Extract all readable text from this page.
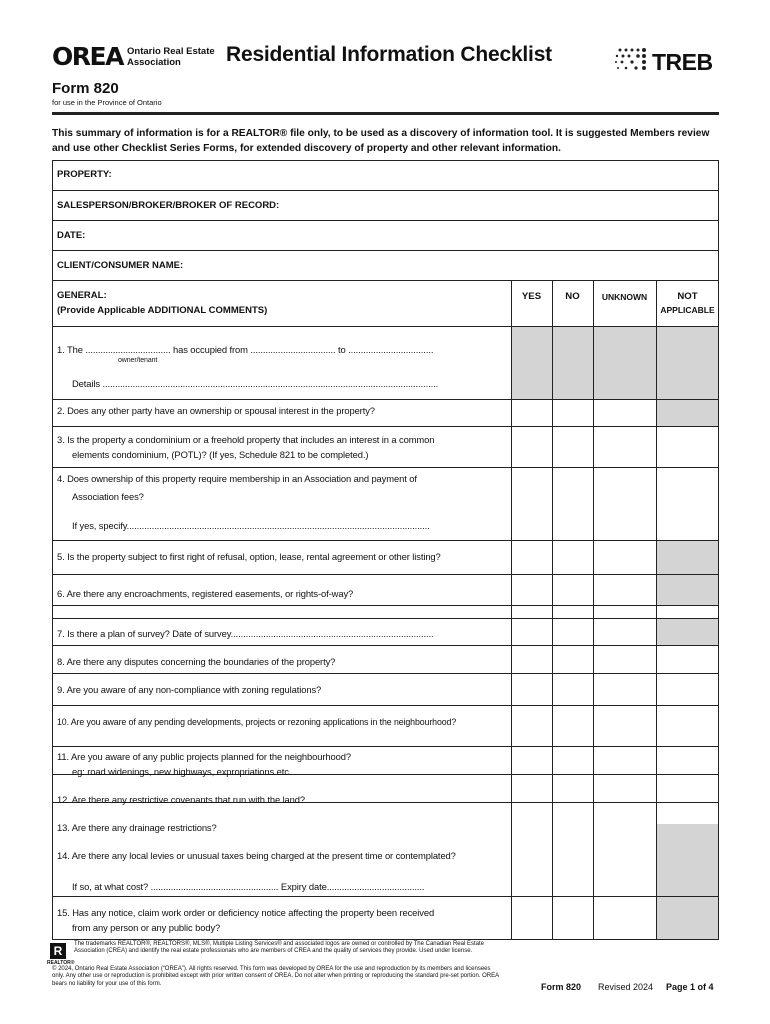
OREA Ontario Real Estate Association	Residential Information Checklist	TREB
Form 820
for use in the Province of Ontario
This summary of information is for a REALTOR® file only, to be used as a discovery of information tool. It is suggested Members review and use other Checklist Series Forms, for extended discovery of property and other relevant information.
PROPERTY:
SALESPERSON/BROKER/BROKER OF RECORD:
DATE:
CLIENT/CONSUMER NAME:
GENERAL:
(Provide Applicable ADDITIONAL COMMENTS)
YES	NO	UNKNOWN	NOT
APPLICABLE
1. The .................................. has occupied from .................................. to ..................................
owner/tenant
Details ......................................................................................................................................
2. Does any other party have an ownership or spousal interest in the property?
3. Is the property a condominium or a freehold property that includes an interest in a common
elements condominium, (POTL)? (If yes, Schedule 821 to be completed.)
4. Does ownership of this property require membership in an Association and payment of
Association fees?
If yes, specify.........................................................................................................................
5. Is the property subject to first right of refusal, option, lease, rental agreement or other listing?
6. Are there any encroachments, registered easements, or rights-of-way?
7. Is there a plan of survey? Date of survey.................................................................................
8. Are there any disputes concerning the boundaries of the property?
9. Are you aware of any non-compliance with zoning regulations?
10. Are you aware of any pending developments, projects or rezoning applications in the neighbourhood?
11. Are you aware of any public projects planned for the neighbourhood?
eg: road widenings, new highways, expropriations etc.
12. Are there any restrictive covenants that run with the land?
13. Are there any drainage restrictions?
14. Are there any local levies or unusual taxes being charged at the present time or contemplated?
If so, at what cost? ................................................... Expiry date.......................................
15. Has any notice, claim work order or deficiency notice affecting the property been received
from any person or any public body?
R
REALTOR®
The trademarks REALTOR®, REALTORS®, MLS®, Multiple Listing Services® and associated logos are owned or controlled by The Canadian Real Estate Association (CREA) and identify the real estate professionals who are members of CREA and the quality of services they provide. Used under license.
© 2024, Ontario Real Estate Association (“OREA”). All rights reserved. This form was developed by OREA for the use and reproduction by its members and licensees only. Any other use or reproduction is prohibited except with prior written consent of OREA. Do not alter when printing or reproducing the standard pre-set portion. OREA bears no liability for your use of this form.	Form 820 Revised 2024 Page 1 of 4
